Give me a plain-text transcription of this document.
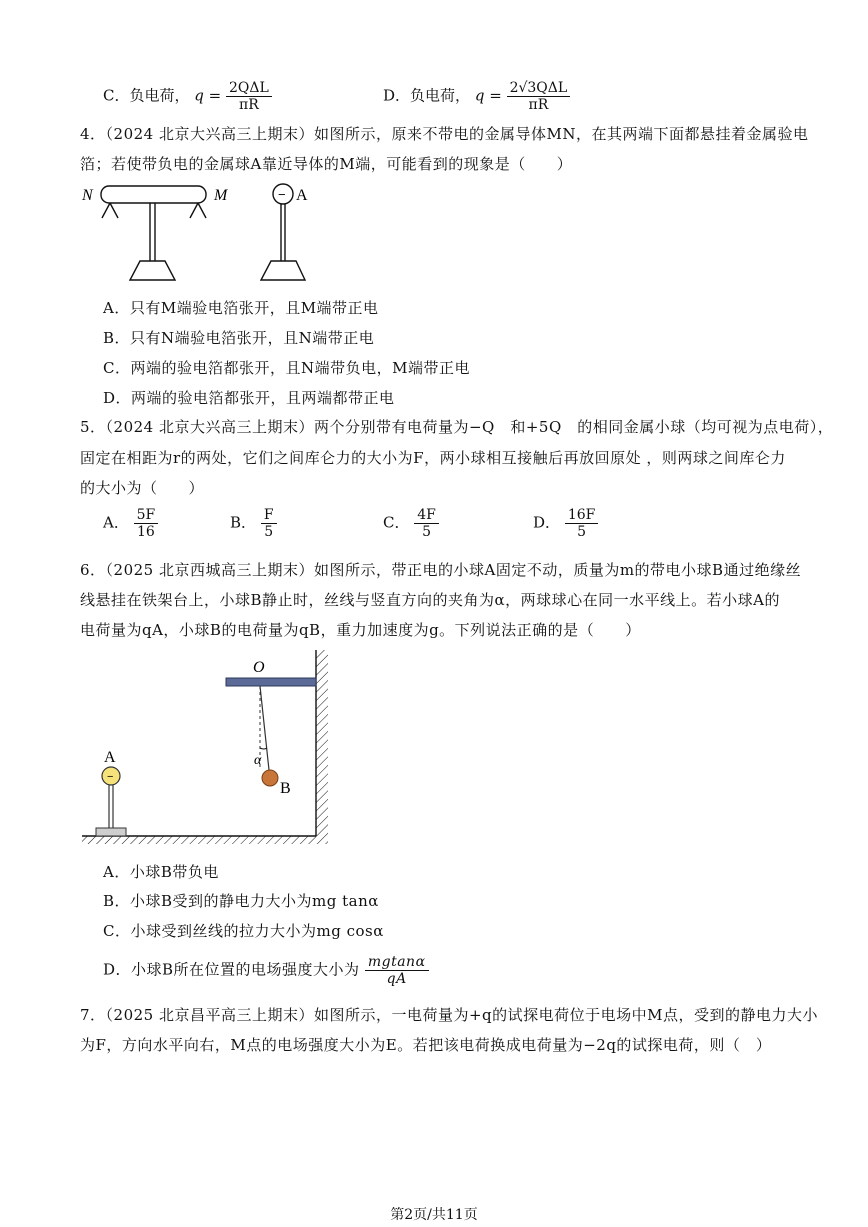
C．负电荷， $q = \frac{\text{2QΔL}}{\pi R}$	D．负电荷， $q = \frac{\text{2√3QΔL}}{\pi R}$
4．（2024 北京大兴高三上期末）如图所示，原来不带电的金属导体MN，在其两端下面都悬挂着金属验电
箔；若使带负电的金属球A靠近导体的M端，可能看到的现象是（　　）
N	M	− A
A．只有M端验电箔张开，且M端带正电
B．只有N端验电箔张开，且N端带正电
C．两端的验电箔都张开，且N端带负电，M端带正电
D．两端的验电箔都张开，且两端都带正电
5．（2024 北京大兴高三上期末）两个分别带有电荷量为−Q　和+5Q　的相同金属小球（均可视为点电荷），
固定在相距为r的两处，它们之间库仑力的大小为F，两小球相互接触后再放回原处 ，则两球之间库仑力
的大小为（　　）
A． $\frac{5F}{16}$	B． $\frac{F}{5}$	C． $\frac{4F}{5}$	D． $\frac{16F}{5}$
6．（2025 北京西城高三上期末）如图所示，带正电的小球A固定不动，质量为m的带电小球B通过绝缘丝
线悬挂在铁架台上，小球B静止时，丝线与竖直方向的夹角为α，两球球心在同一水平线上。若小球A的
电荷量为qA，小球B的电荷量为qB，重力加速度为g。下列说法正确的是（　　）
O
α
B
A
−
A．小球B带负电
B．小球B受到的静电力大小为mg tanα
C．小球受到丝线的拉力大小为mg cosα
D．小球B所在位置的电场强度大小为 $\frac{mgtan\alpha}{qA}$
7．（2025 北京昌平高三上期末）如图所示，一电荷量为+q的试探电荷位于电场中M点，受到的静电力大小
为F，方向水平向右，M点的电场强度大小为E。若把该电荷换成电荷量为−2q的试探电荷，则（　）
第2页/共11页
